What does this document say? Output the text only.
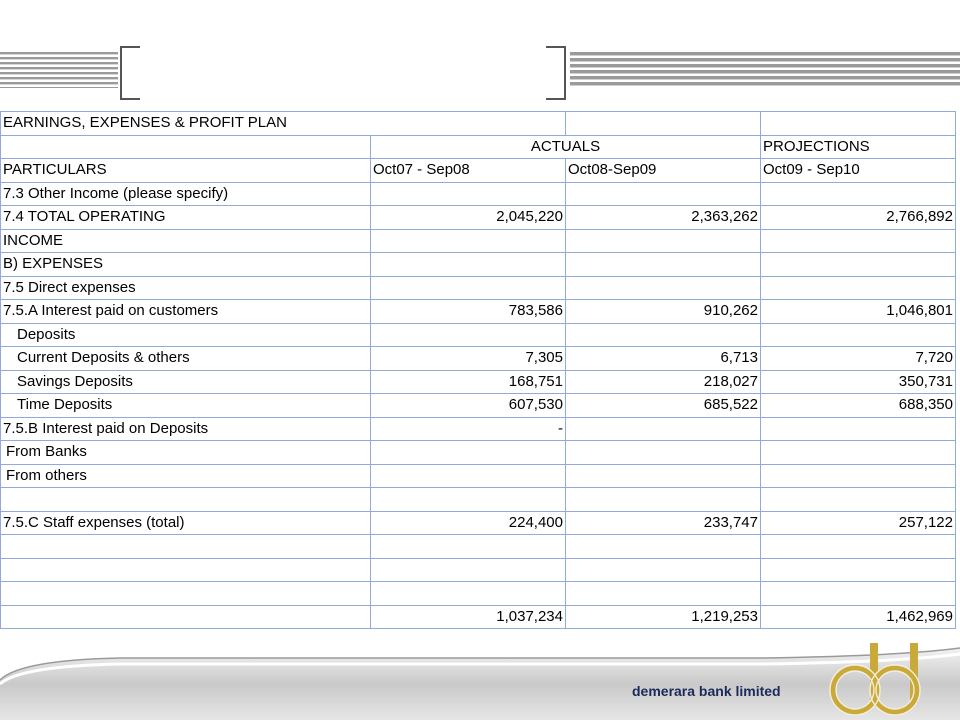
EARNINGS, EXPENSES & PROFIT PLAN			
	ACTUALS		PROJECTIONS
PARTICULARS	Oct07 - Sep08	Oct08-Sep09	Oct09 - Sep10
7.3 Other Income (please specify)			
7.4 TOTAL OPERATING	2,045,220	2,363,262	2,766,892
INCOME			
B) EXPENSES			
7.5 Direct expenses			
7.5.A Interest paid on customers	783,586	910,262	1,046,801
Deposits			
Current Deposits & others	7,305	6,713	7,720
Savings Deposits	168,751	218,027	350,731
Time Deposits	607,530	685,522	688,350
7.5.B Interest paid on Deposits	-		
From Banks			
From others			

7.5.C Staff expenses (total)	224,400	233,747	257,122

	1,037,234	1,219,253	1,462,969
demerara bank limited
